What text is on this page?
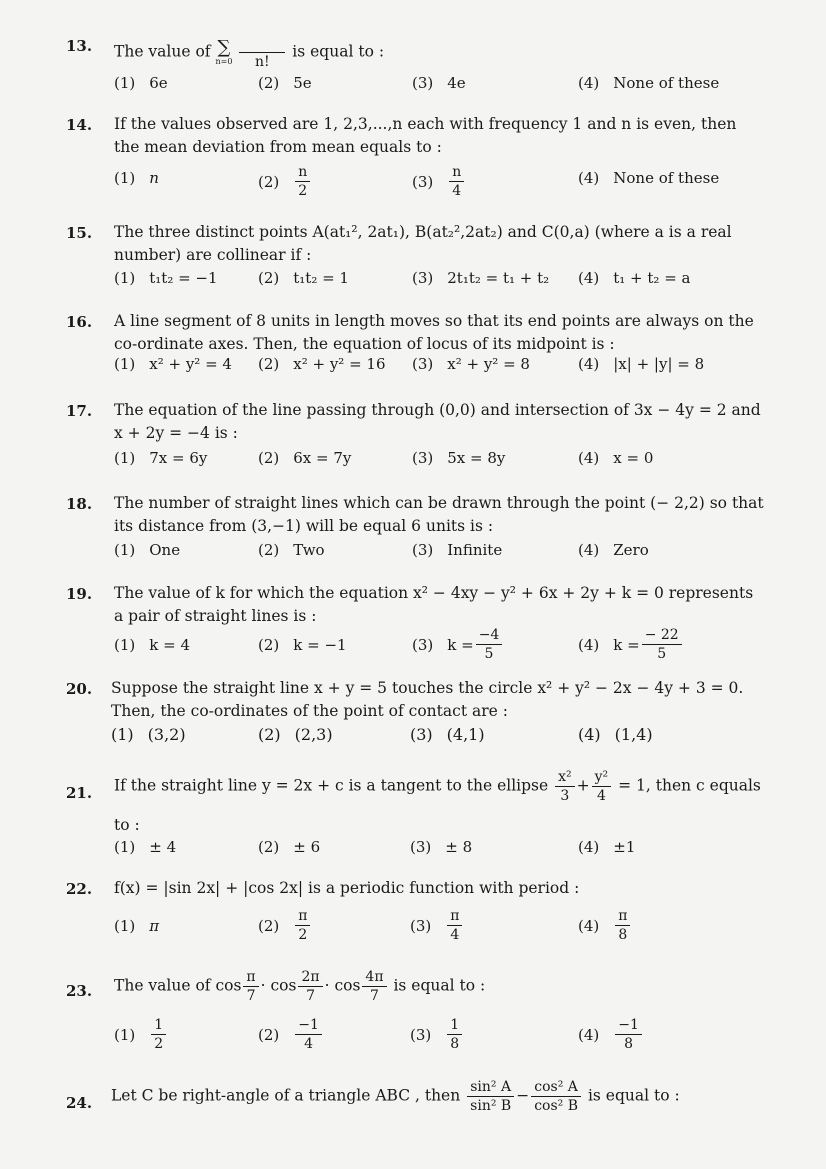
13. The value of ∑
n=0

n!
is equal to :
(1) 6e	(2) 5e	(3) 4e	(4) None of these
14. If the values observed are 1, 2,3,...,n each with frequency 1 and n is even, then the mean deviation from mean equals to :
(1) n	$(2) \frac{n}{2}$	$(3) \frac{n}{4}$	(4) None of these
15. The three distinct points A(at₁², 2at₁), B(at₂²,2at₂) and C(0,a) (where a is a real number) are collinear if :
(1) t₁t₂ = −1	(2) t₁t₂ = 1	(3) 2t₁t₂ = t₁ + t₂ (4) t₁ + t₂ = a
16. A line segment of 8 units in length moves so that its end points are always on the co-ordinate axes. Then, the equation of locus of its midpoint is :
(1) x² + y² = 4 (2) x² + y² = 16 (3) x² + y² = 8	(4) |x| + |y| = 8
17. The equation of the line passing through (0,0) and intersection of 3x − 4y = 2 and x + 2y = −4 is :
(1) 7x = 6y	(2) 6x = 7y	(3) 5x = 8y	(4) x = 0
18. The number of straight lines which can be drawn through the point (− 2,2) so that its distance from (3,−1) will be equal 6 units is :
(1) One	(2) Two	(3) Infinite	(4) Zero
19. The value of k for which the equation x² − 4xy − y² + 6x + 2y + k = 0 represents a pair of straight lines is :
(1) k = 4	(2) k = −1	(3) $k = \frac{-4}{5}$	(4) $k = \frac{- 22}{5}$
20. Suppose the straight line x + y = 5 touches the circle x² + y² − 2x − 4y + 3 = 0. Then, the co-ordinates of the point of contact are :
(1) (3,2)	(2) (2,3)	(3) (4,1)	(4) (1,4)
21. If the straight line y = 2x + c is a tangent to the ellipse $\frac{\text{x²}}{3} + \frac{\text{y²}}{4} = 1$, then c equals
to :
(1) ± 4	(2) ± 6	(3) ± 8	(4) ±1
22. f(x) = |sin 2x| + |cos 2x| is a periodic function with period :
(1) π	$(2) \frac{\pi}{2}$	$(3) \frac{\pi}{4}$	$(4) \frac{\pi}{8}$
23. The value of $\cos \frac{\pi}{7} \cdot \cos \frac{2\pi}{7} \cdot \cos \frac{4\pi}{7}$ is equal to :
$(1) \frac{1}{2}$	$(2) \frac{-1}{4}$	$(3) \frac{1}{8}$	$(4) \frac{-1}{8}$
24. Let C be right-angle of a triangle ABC , then $\frac{\text{sin² A}}{\text{sin² B}} - \frac{\text{cos² A}}{\text{cos² B}}$ is equal to :
